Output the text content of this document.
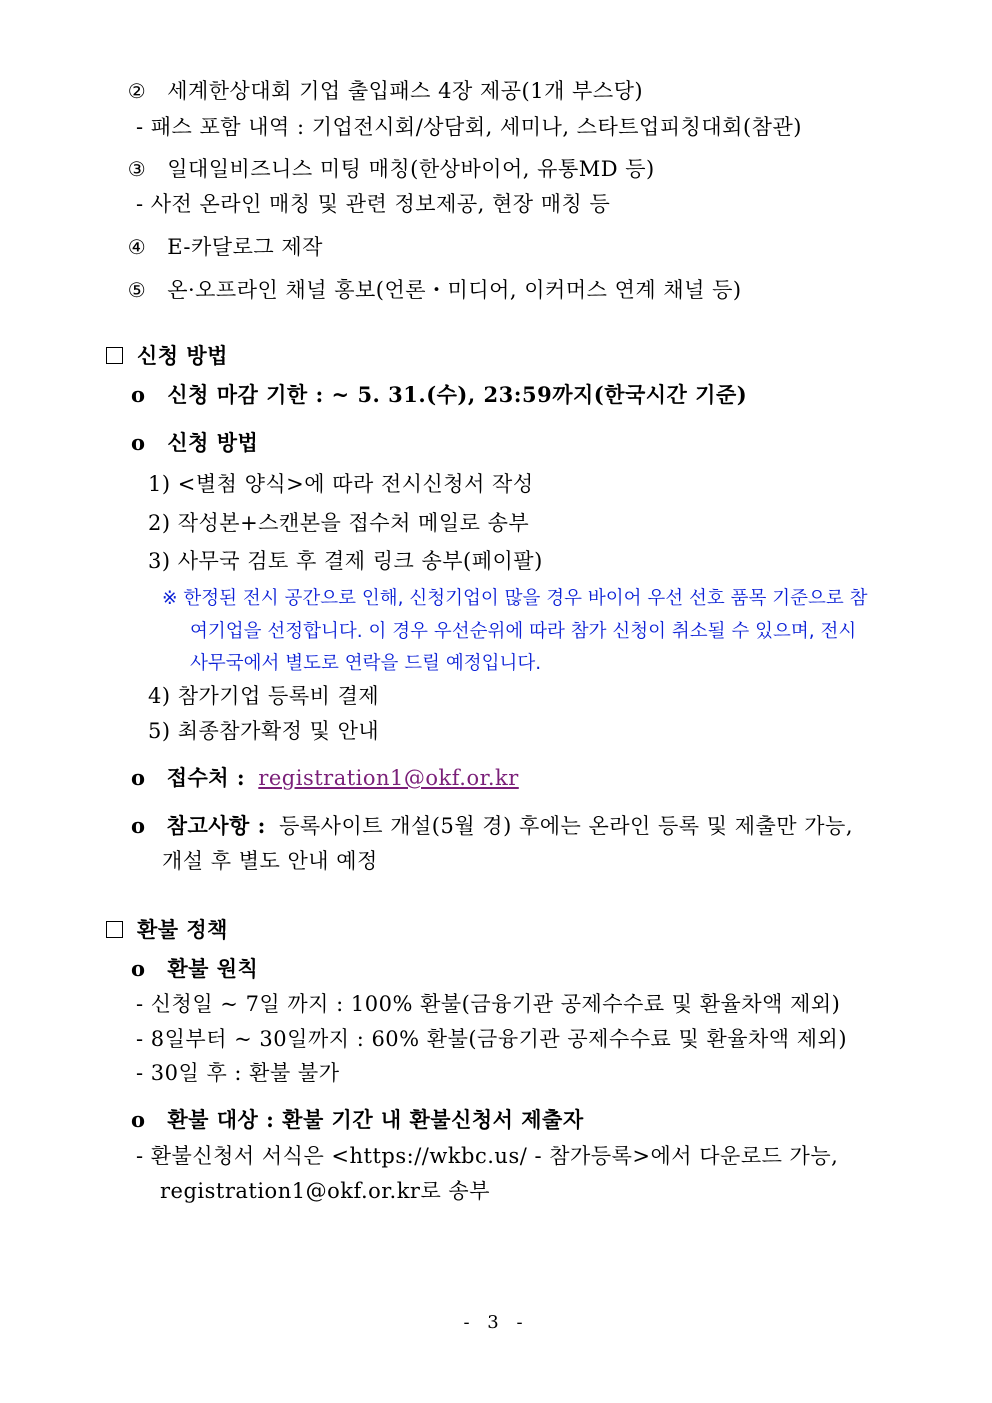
② 세계한상대회 기업 출입패스 4장 제공(1개 부스당)
- 패스 포함 내역 : 기업전시회/상담회, 세미나, 스타트업피칭대회(참관)
③ 일대일비즈니스 미팅 매칭(한상바이어, 유통MD 등)
- 사전 온라인 매칭 및 관련 정보제공, 현장 매칭 등
④ E-카달로그 제작
⑤ 온·오프라인 채널 홍보(언론・미디어, 이커머스 연계 채널 등)
신청 방법
o 신청 마감 기한 : ~ 5. 31.(수), 23:59까지(한국시간 기준)
o 신청 방법
1) <별첨 양식>에 따라 전시신청서 작성
2) 작성본+스캔본을 접수처 메일로 송부
3) 사무국 검토 후 결제 링크 송부(페이팔)
※ 한정된 전시 공간으로 인해, 신청기업이 많을 경우 바이어 우선 선호 품목 기준으로 참
여기업을 선정합니다. 이 경우 우선순위에 따라 참가 신청이 취소될 수 있으며, 전시
사무국에서 별도로 연락을 드릴 예정입니다.
4) 참가기업 등록비 결제
5) 최종참가확정 및 안내
o 접수처 : registration1@okf.or.kr
o 참고사항 : 등록사이트 개설(5월 경) 후에는 온라인 등록 및 제출만 가능,
개설 후 별도 안내 예정
환불 정책
o 환불 원칙
- 신청일 ~ 7일 까지 : 100% 환불(금융기관 공제수수료 및 환율차액 제외)
- 8일부터 ~ 30일까지 : 60% 환불(금융기관 공제수수료 및 환율차액 제외)
- 30일 후 : 환불 불가
o 환불 대상 : 환불 기간 내 환불신청서 제출자
- 환불신청서 서식은 <https://wkbc.us/ - 참가등록>에서 다운로드 가능,
registration1@okf.or.kr로 송부
- 3 -
